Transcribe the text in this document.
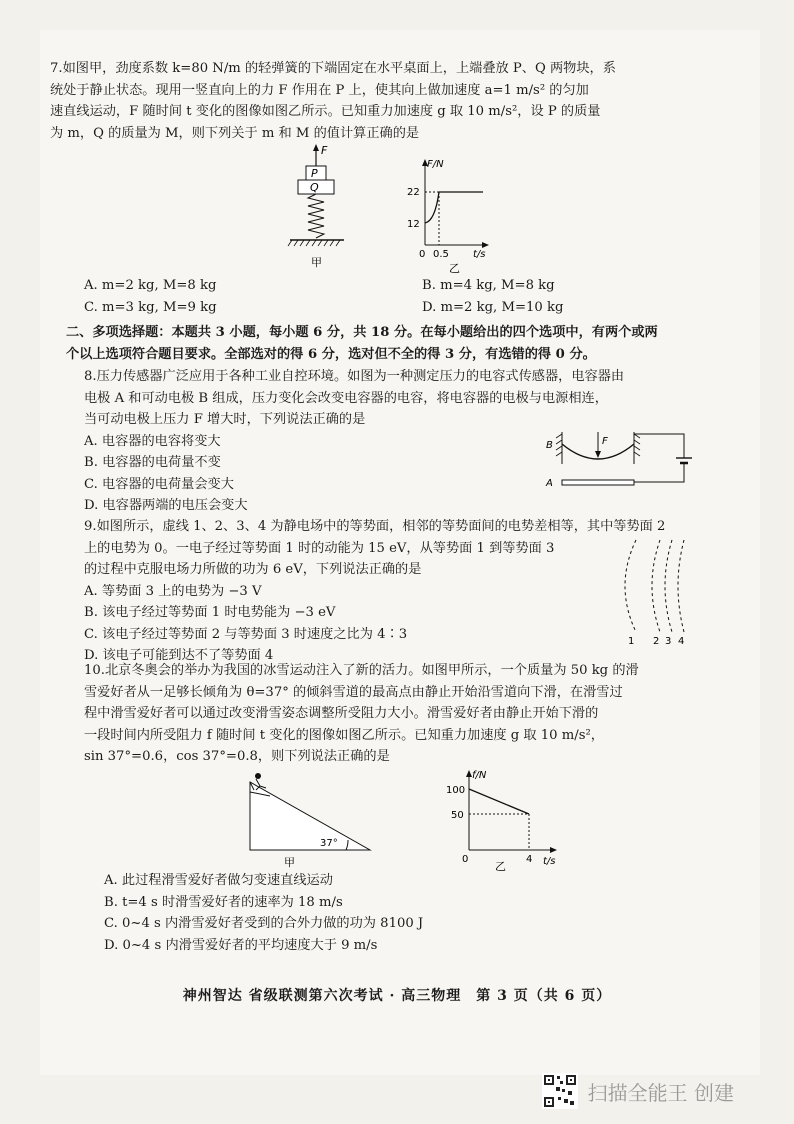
7.如图甲，劲度系数 k=80 N/m 的轻弹簧的下端固定在水平桌面上，上端叠放 P、Q 两物块，系

统处于静止状态。现用一竖直向上的力 F 作用在 P 上，使其向上做加速度 a=1 m/s² 的匀加

速直线运动，F 随时间 t 变化的图像如图乙所示。已知重力加速度 g 取 10 m/s²，设 P 的质量

为 m，Q 的质量为 M，则下列关于 m 和 M 的值计算正确的是

F
P
Q
甲
F/N
22
12
0 0.5 t/s
乙
A. m=2 kg, M=8 kg	B. m=4 kg, M=8 kg
C. m=3 kg, M=9 kg	D. m=2 kg, M=10 kg

二、多项选择题：本题共 3 小题，每小题 6 分，共 18 分。在每小题给出的四个选项中，有两个或两

个以上选项符合题目要求。全部选对的得 6 分，选对但不全的得 3 分，有选错的得 0 分。

8.压力传感器广泛应用于各种工业自控环境。如图为一种测定压力的电容式传感器，电容器由

电极 A 和可动电极 B 组成，压力变化会改变电容器的电容，将电容器的电极与电源相连，

当可动电极上压力 F 增大时，下列说法正确的是

A. 电容器的电容将变大

B. 电容器的电荷量不变

C. 电容器的电荷量会变大

D. 电容器两端的电压会变大

B	F
A

9.如图所示，虚线 1、2、3、4 为静电场中的等势面，相邻的等势面间的电势差相等，其中等势面 2

上的电势为 0。一电子经过等势面 1 时的动能为 15 eV，从等势面 1 到等势面 3

的过程中克服电场力所做的功为 6 eV，下列说法正确的是

A. 等势面 3 上的电势为 −3 V

B. 该电子经过等势面 1 时电势能为 −3 eV

C. 该电子经过等势面 2 与等势面 3 时速度之比为 4∶3

D. 该电子可能到达不了等势面 4

1 2 3 4

10.北京冬奥会的举办为我国的冰雪运动注入了新的活力。如图甲所示，一个质量为 50 kg 的滑

雪爱好者从一足够长倾角为 θ=37° 的倾斜雪道的最高点由静止开始沿雪道向下滑，在滑雪过

程中滑雪爱好者可以通过改变滑雪姿态调整所受阻力大小。滑雪爱好者由静止开始下滑的

一段时间内所受阻力 f 随时间 t 变化的图像如图乙所示。已知重力加速度 g 取 10 m/s²，

sin 37°=0.6，cos 37°=0.8，则下列说法正确的是

37°
甲
f/N
100
50
0	4 t/s
乙

A. 此过程滑雪爱好者做匀变速直线运动

B. t=4 s 时滑雪爱好者的速率为 18 m/s

C. 0~4 s 内滑雪爱好者受到的合外力做的功为 8100 J

D. 0~4 s 内滑雪爱好者的平均速度大于 9 m/s

神州智达 省级联测第六次考试 · 高三物理　第 3 页（共 6 页）
扫描全能王 创建
